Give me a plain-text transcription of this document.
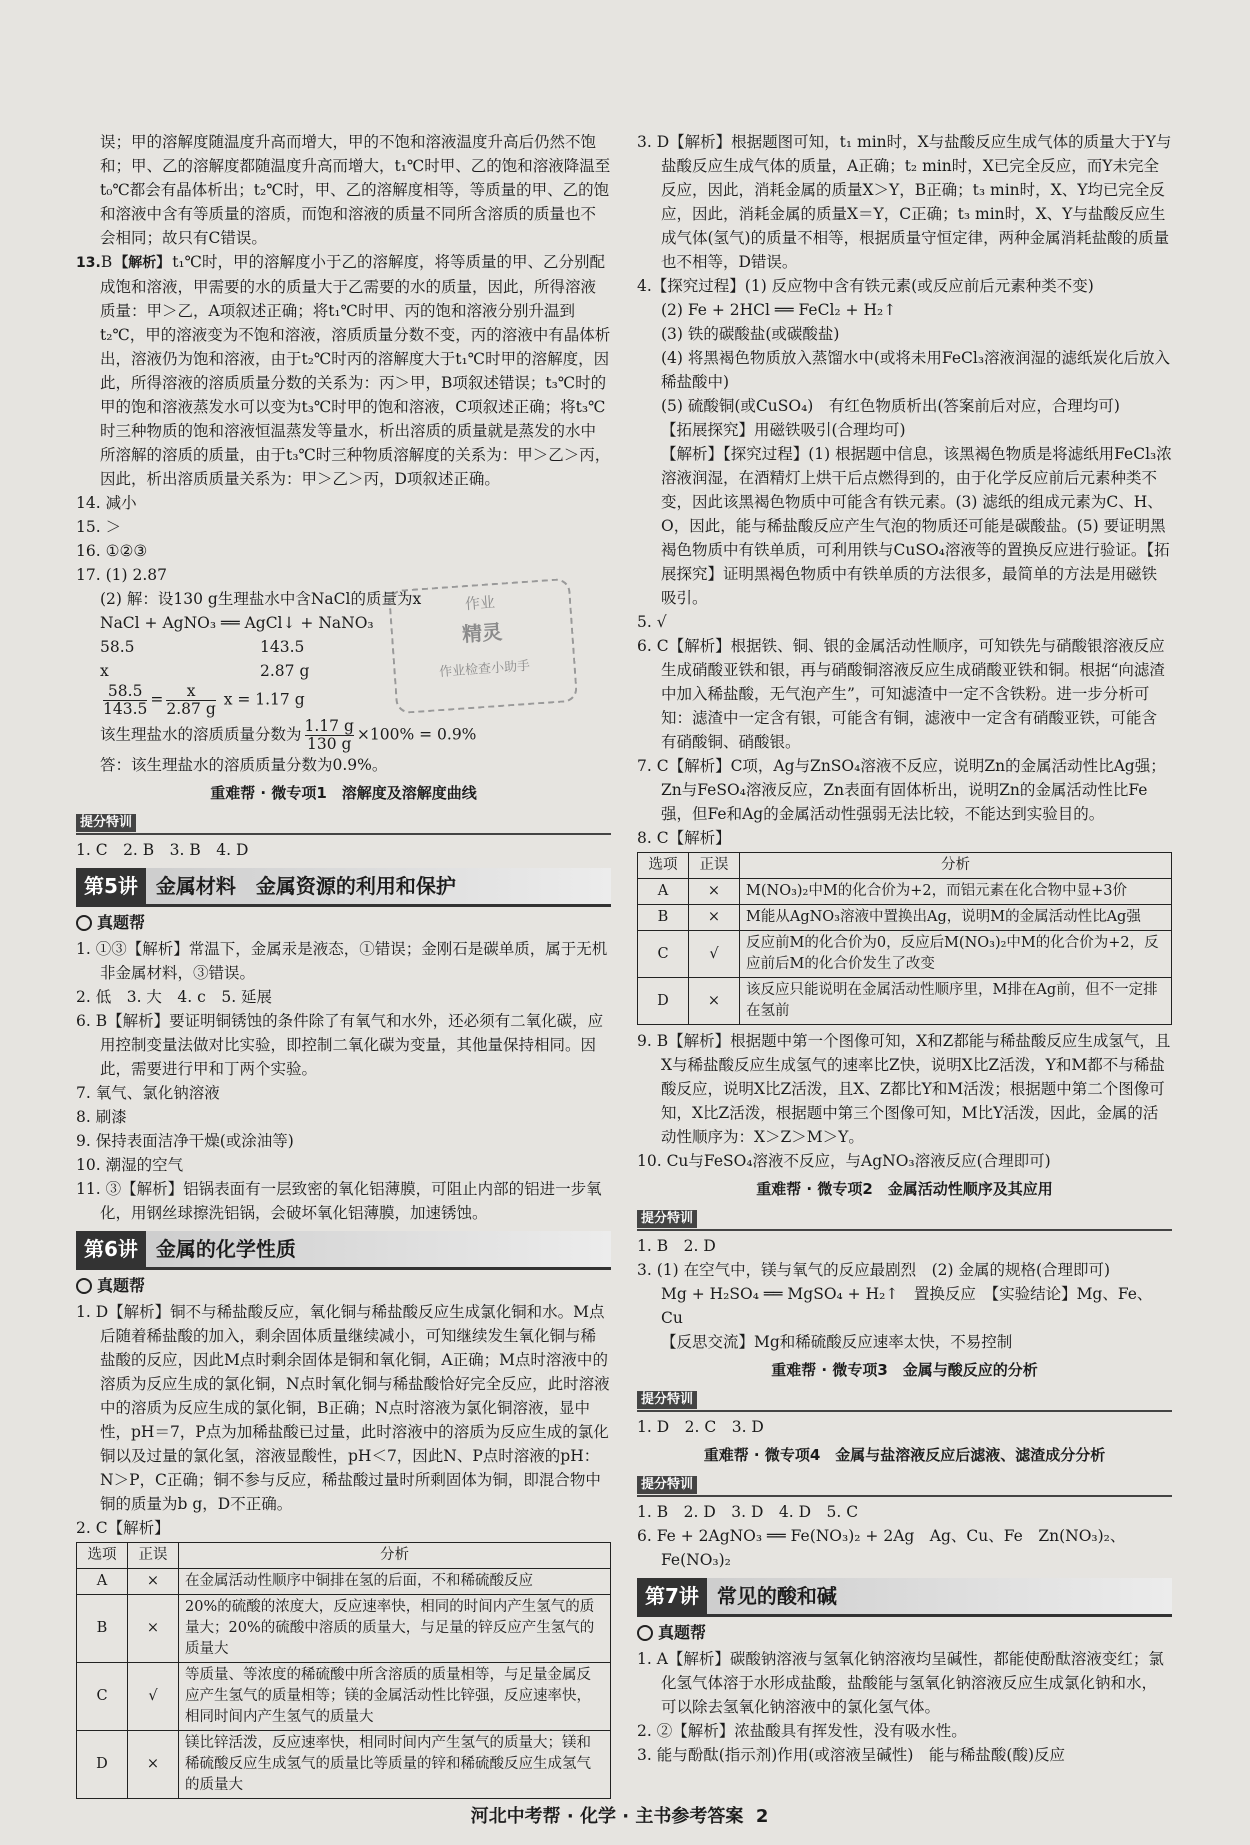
误；甲的溶解度随温度升高而增大，甲的不饱和溶液温度升高后仍然不饱和；甲、乙的溶解度都随温度升高而增大，t₁℃时甲、乙的饱和溶液降温至t₀℃都会有晶体析出；t₂℃时，甲、乙的溶解度相等，等质量的甲、乙的饱和溶液中含有等质量的溶质，而饱和溶液的质量不同所含溶质的质量也不会相同；故只有C错误。

13.B 【解析】 t₁℃时，甲的溶解度小于乙的溶解度，将等质量的甲、乙分别配成饱和溶液，甲需要的水的质量大于乙需要的水的质量，因此，所得溶液质量：甲＞乙，A项叙述正确；将t₁℃时甲、丙的饱和溶液分别升温到t₂℃，甲的溶液变为不饱和溶液，溶质质量分数不变，丙的溶液中有晶体析出，溶液仍为饱和溶液，由于t₂℃时丙的溶解度大于t₁℃时甲的溶解度，因此，所得溶液的溶质质量分数的关系为：丙＞甲，B项叙述错误；t₃℃时的甲的饱和溶液蒸发水可以变为t₃℃时甲的饱和溶液，C项叙述正确；将t₃℃时三种物质的饱和溶液恒温蒸发等量水，析出溶质的质量就是蒸发的水中所溶解的溶质的质量，由于t₃℃时三种物质溶解度的关系为：甲＞乙＞丙，因此，析出溶质质量关系为：甲＞乙＞丙，D项叙述正确。

14. 减小

15. ＞

16. ①②③

17. (1) 2.87

(2) 解：设130 g生理盐水中含NaCl的质量为x

NaCl + AgNO₃ ══ AgCl↓ + NaNO₃

58.5	143.5
x	2.87 g

$\frac{58.5}{143.5} = \frac{x}{2.87 g}$ x = 1.17 g

该生理盐水的溶质质量分数为 $\frac{1.17 g}{130 g} \times 100\% = 0.9\%$

答：该生理盐水的溶质质量分数为0.9%。

重难帮 · 微专项1　溶解度及溶解度曲线
提分特训

1. C　2. B　3. B　4. D

第5讲 金属材料　金属资源的利用和保护
真题帮

1. ①③【解析】常温下，金属汞是液态，①错误；金刚石是碳单质，属于无机非金属材料，③错误。

2. 低　3. 大　4. c　5. 延展

6. B【解析】要证明铜锈蚀的条件除了有氧气和水外，还必须有二氧化碳，应用控制变量法做对比实验，即控制二氧化碳为变量，其他量保持相同。因此，需要进行甲和丁两个实验。

7. 氧气、氯化钠溶液

8. 刷漆

9. 保持表面洁净干燥(或涂油等)

10. 潮湿的空气

11. ③【解析】铝锅表面有一层致密的氧化铝薄膜，可阻止内部的铝进一步氧化，用钢丝球擦洗铝锅，会破坏氧化铝薄膜，加速锈蚀。

第6讲 金属的化学性质
真题帮

1. D【解析】铜不与稀盐酸反应，氧化铜与稀盐酸反应生成氯化铜和水。M点后随着稀盐酸的加入，剩余固体质量继续减小，可知继续发生氧化铜与稀盐酸的反应，因此M点时剩余固体是铜和氧化铜，A正确；M点时溶液中的溶质为反应生成的氯化铜，N点时氧化铜与稀盐酸恰好完全反应，此时溶液中的溶质为反应生成的氯化铜，B正确；N点时溶液为氯化铜溶液，显中性，pH＝7，P点为加稀盐酸已过量，此时溶液中的溶质为反应生成的氯化铜以及过量的氯化氢，溶液显酸性，pH＜7，因此N、P点时溶液的pH：N＞P，C正确；铜不参与反应，稀盐酸过量时所剩固体为铜，即混合物中铜的质量为b g，D不正确。

2. C【解析】

选项	正误	分析
A	×	在金属活动性顺序中铜排在氢的后面，不和稀硫酸反应
B	×	20%的硫酸的浓度大，反应速率快，相同的时间内产生氢气的质量大；20%的硫酸中溶质的质量大，与足量的锌反应产生氢气的质量大
C	√	等质量、等浓度的稀硫酸中所含溶质的质量相等，与足量金属反应产生氢气的质量相等；镁的金属活动性比锌强，反应速率快，相同时间内产生氢气的质量大
D	×	镁比锌活泼，反应速率快，相同时间内产生氢气的质量大；镁和稀硫酸反应生成氢气的质量比等质量的锌和稀硫酸反应生成氢气的质量大
作业
精灵
作业检查小助手

3. D【解析】根据题图可知，t₁ min时，X与盐酸反应生成气体的质量大于Y与盐酸反应生成气体的质量，A正确；t₂ min时，X已完全反应，而Y未完全反应，因此，消耗金属的质量X＞Y，B正确；t₃ min时，X、Y均已完全反应，因此，消耗金属的质量X＝Y，C正确；t₃ min时，X、Y与盐酸反应生成气体(氢气)的质量不相等，根据质量守恒定律，两种金属消耗盐酸的质量也不相等，D错误。

4.【探究过程】(1) 反应物中含有铁元素(或反应前后元素种类不变)

(2) Fe + 2HCl ══ FeCl₂ + H₂↑

(3) 铁的碳酸盐(或碳酸盐)

(4) 将黑褐色物质放入蒸馏水中(或将未用FeCl₃溶液润湿的滤纸炭化后放入稀盐酸中)

(5) 硫酸铜(或CuSO₄)　有红色物质析出(答案前后对应，合理均可)

【拓展探究】用磁铁吸引(合理均可)

【解析】【探究过程】(1) 根据题中信息，该黑褐色物质是将滤纸用FeCl₃浓溶液润湿，在酒精灯上烘干后点燃得到的，由于化学反应前后元素种类不变，因此该黑褐色物质中可能含有铁元素。(3) 滤纸的组成元素为C、H、O，因此，能与稀盐酸反应产生气泡的物质还可能是碳酸盐。(5) 要证明黑褐色物质中有铁单质，可利用铁与CuSO₄溶液等的置换反应进行验证。【拓展探究】证明黑褐色物质中有铁单质的方法很多，最简单的方法是用磁铁吸引。

5. √

6. C【解析】根据铁、铜、银的金属活动性顺序，可知铁先与硝酸银溶液反应生成硝酸亚铁和银，再与硝酸铜溶液反应生成硝酸亚铁和铜。根据“向滤渣中加入稀盐酸，无气泡产生”，可知滤渣中一定不含铁粉。进一步分析可知：滤渣中一定含有银，可能含有铜，滤液中一定含有硝酸亚铁，可能含有硝酸铜、硝酸银。

7. C【解析】C项，Ag与ZnSO₄溶液不反应，说明Zn的金属活动性比Ag强；Zn与FeSO₄溶液反应，Zn表面有固体析出，说明Zn的金属活动性比Fe强，但Fe和Ag的金属活动性强弱无法比较，不能达到实验目的。

8. C【解析】

选项	正误	分析
A	×	M(NO₃)₂中M的化合价为+2，而铝元素在化合物中显+3价
B	×	M能从AgNO₃溶液中置换出Ag，说明M的金属活动性比Ag强
C	√	反应前M的化合价为0，反应后M(NO₃)₂中M的化合价为+2，反应前后M的化合价发生了改变
D	×	该反应只能说明在金属活动性顺序里，M排在Ag前，但不一定排在氢前

9. B【解析】根据题中第一个图像可知，X和Z都能与稀盐酸反应生成氢气，且X与稀盐酸反应生成氢气的速率比Z快，说明X比Z活泼，Y和M都不与稀盐酸反应，说明X比Z活泼，且X、Z都比Y和M活泼；根据题中第二个图像可知，X比Z活泼，根据题中第三个图像可知，M比Y活泼，因此，金属的活动性顺序为：X＞Z＞M＞Y。

10. Cu与FeSO₄溶液不反应，与AgNO₃溶液反应(合理即可)

重难帮 · 微专项2　金属活动性顺序及其应用
提分特训

1. B　2. D

3. (1) 在空气中，镁与氧气的反应最剧烈　(2) 金属的规格(合理即可)

Mg + H₂SO₄ ══ MgSO₄ + H₂↑　置换反应　【实验结论】Mg、Fe、Cu

【反思交流】Mg和稀硫酸反应速率太快，不易控制

重难帮 · 微专项3　金属与酸反应的分析
提分特训

1. D　2. C　3. D

重难帮 · 微专项4　金属与盐溶液反应后滤液、滤渣成分分析
提分特训

1. B　2. D　3. D　4. D　5. C

6. Fe + 2AgNO₃ ══ Fe(NO₃)₂ + 2Ag　Ag、Cu、Fe　Zn(NO₃)₂、Fe(NO₃)₂

第7讲 常见的酸和碱
真题帮

1. A【解析】碳酸钠溶液与氢氧化钠溶液均呈碱性，都能使酚酞溶液变红；氯化氢气体溶于水形成盐酸，盐酸能与氢氧化钠溶液反应生成氯化钠和水，可以除去氢氧化钠溶液中的氯化氢气体。

2. ②【解析】浓盐酸具有挥发性，没有吸水性。

3. 能与酚酞(指示剂)作用(或溶液呈碱性)　能与稀盐酸(酸)反应

河北中考帮 · 化学 · 主书参考答案 2
